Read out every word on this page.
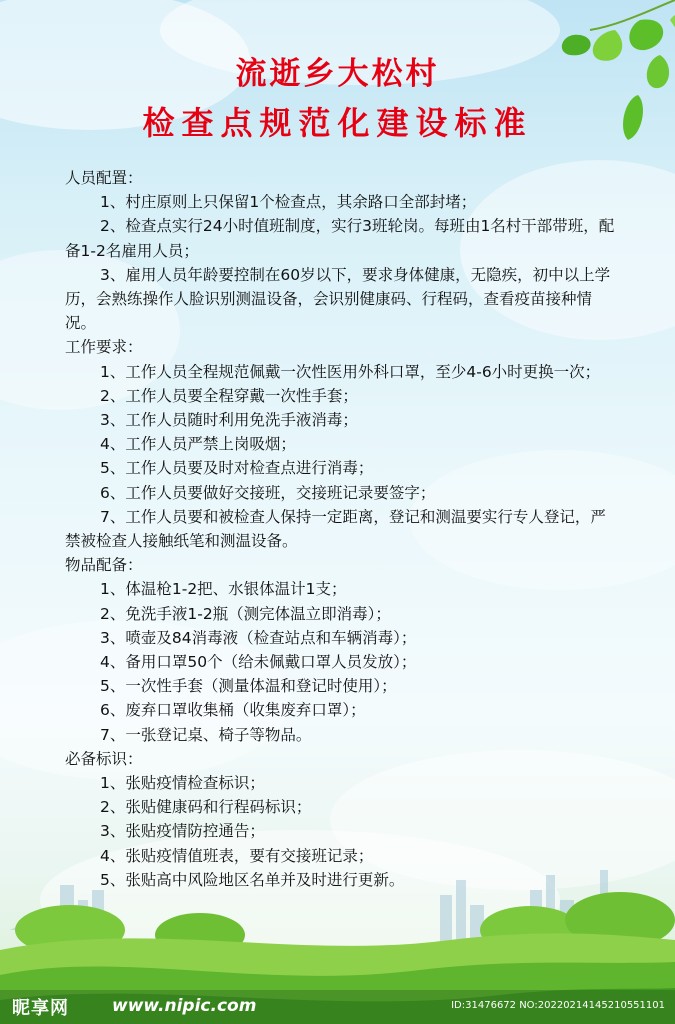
流逝乡大松村
检查点规范化建设标准

人员配置：

1、村庄原则上只保留1个检查点，其余路口全部封堵；

2、检查点实行24小时值班制度，实行3班轮岗。每班由1名村干部带班，配备1-2名雇用人员；

3、雇用人员年龄要控制在60岁以下，要求身体健康，无隐疾，初中以上学历，会熟练操作人脸识别测温设备，会识别健康码、行程码，查看疫苗接种情况。

工作要求：

1、工作人员全程规范佩戴一次性医用外科口罩，至少4-6小时更换一次；

2、工作人员要全程穿戴一次性手套；

3、工作人员随时利用免洗手液消毒；

4、工作人员严禁上岗吸烟；

5、工作人员要及时对检查点进行消毒；

6、工作人员要做好交接班，交接班记录要签字；

7、工作人员要和被检查人保持一定距离，登记和测温要实行专人登记，严禁被检查人接触纸笔和测温设备。

物品配备：

1、体温枪1-2把、水银体温计1支；

2、免洗手液1-2瓶（测完体温立即消毒）；

3、喷壶及84消毒液（检查站点和车辆消毒）；

4、备用口罩50个（给未佩戴口罩人员发放）；

5、一次性手套（测量体温和登记时使用）；

6、废弃口罩收集桶（收集废弃口罩）；

7、一张登记桌、椅子等物品。

必备标识：

1、张贴疫情检查标识；

2、张贴健康码和行程码标识；

3、张贴疫情防控通告；

4、张贴疫情值班表，要有交接班记录；

5、张贴高中风险地区名单并及时进行更新。

昵享网	www.nipic.com	ID:31476672 NO:20220214145210551101
